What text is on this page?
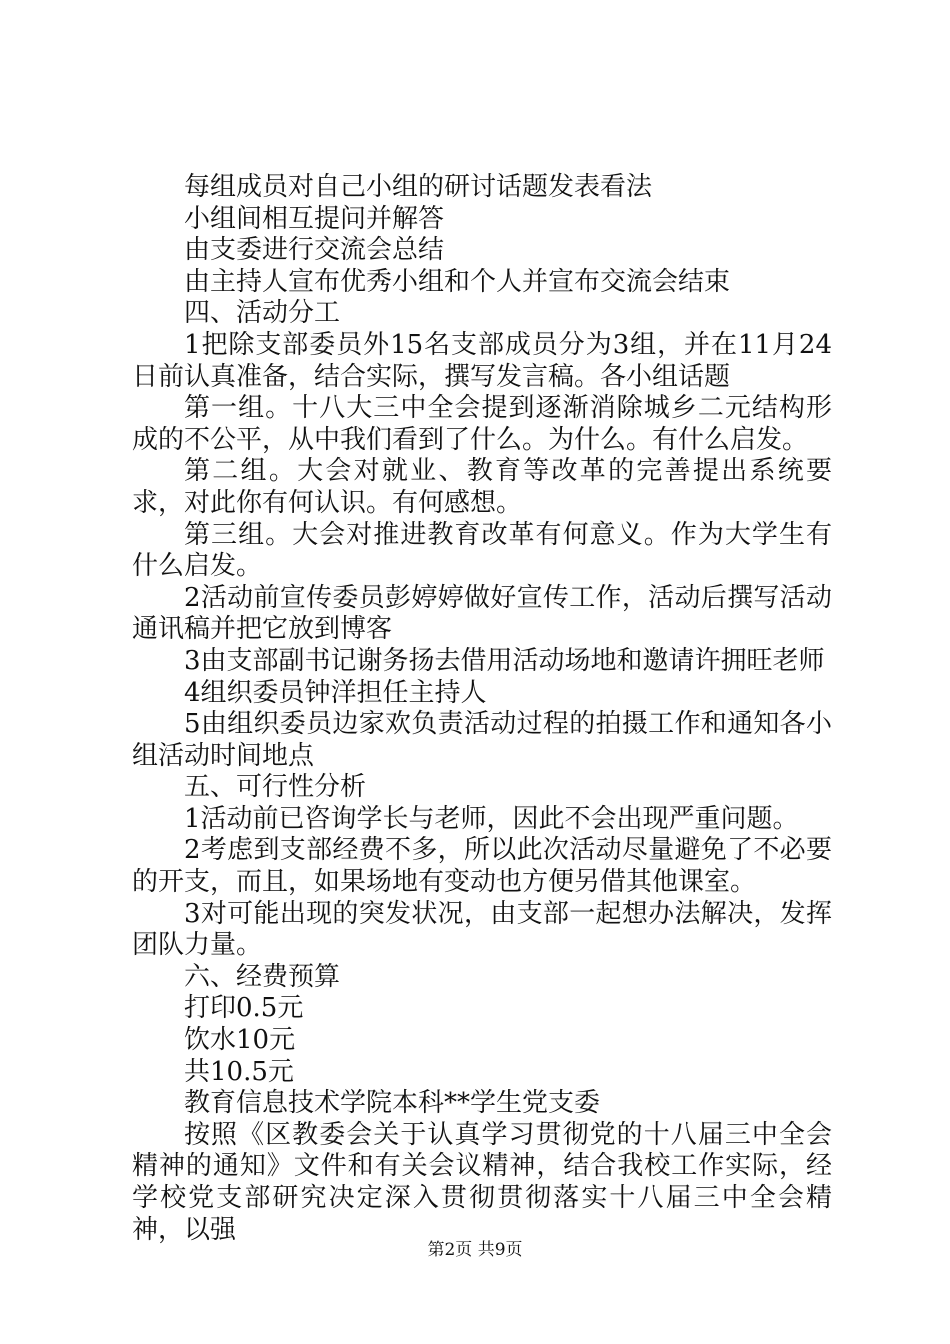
每组成员对自己小组的研讨话题发表看法

小组间相互提问并解答

由支委进行交流会总结

由主持人宣布优秀小组和个人并宣布交流会结束

四、活动分工

1把除支部委员外15名支部成员分为3组，并在11月24日前认真准备，结合实际，撰写发言稿。各小组话题

第一组。十八大三中全会提到逐渐消除城乡二元结构形成的不公平，从中我们看到了什么。为什么。有什么启发。

第二组。大会对就业、教育等改革的完善提出系统要求，对此你有何认识。有何感想。

第三组。大会对推进教育改革有何意义。作为大学生有什么启发。

2活动前宣传委员彭婷婷做好宣传工作，活动后撰写活动通讯稿并把它放到博客

3由支部副书记谢务扬去借用活动场地和邀请许拥旺老师

4组织委员钟洋担任主持人

5由组织委员边家欢负责活动过程的拍摄工作和通知各小组活动时间地点

五、可行性分析

1活动前已咨询学长与老师，因此不会出现严重问题。

2考虑到支部经费不多，所以此次活动尽量避免了不必要的开支，而且，如果场地有变动也方便另借其他课室。

3对可能出现的突发状况，由支部一起想办法解决，发挥团队力量。

六、经费预算

打印0.5元

饮水10元

共10.5元

教育信息技术学院本科**学生党支委

按照《区教委会关于认真学习贯彻党的十八届三中全会精神的通知》文件和有关会议精神，结合我校工作实际，经学校党支部研究决定深入贯彻贯彻落实十八届三中全会精神，以强

第2页 共9页
